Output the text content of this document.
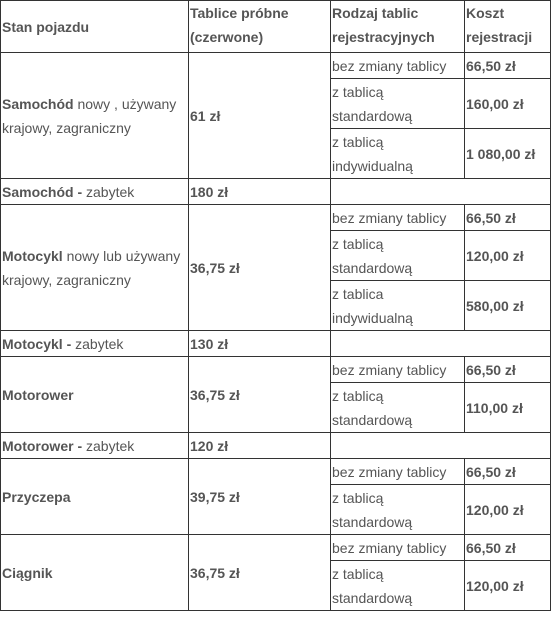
Stan pojazdu	Tablice próbne (czerwone)	Rodzaj tablic rejestracyjnych	Koszt rejestracji
Samochód nowy , używany krajowy, zagraniczny	61 zł	bez zmiany tablicy	66,50 zł
		z tablicą standardową	160,00 zł
		z tablicą indywidualną	1 080,00 zł
Samochód - zabytek	180 zł		
Motocykl nowy lub używany krajowy, zagraniczny	36,75 zł	bez zmiany tablicy	66,50 zł
		z tablicą standardową	120,00 zł
		z tablica indywidualną	580,00 zł
Motocykl - zabytek	130 zł		
Motorower	36,75 zł	bez zmiany tablicy	66,50 zł
		z tablicą standardową	110,00 zł
Motorower - zabytek	120 zł		
Przyczepa	39,75 zł	bez zmiany tablicy	66,50 zł
		z tablicą standardową	120,00 zł
Ciągnik	36,75 zł	bez zmiany tablicy	66,50 zł
		z tablicą standardową	120,00 zł
